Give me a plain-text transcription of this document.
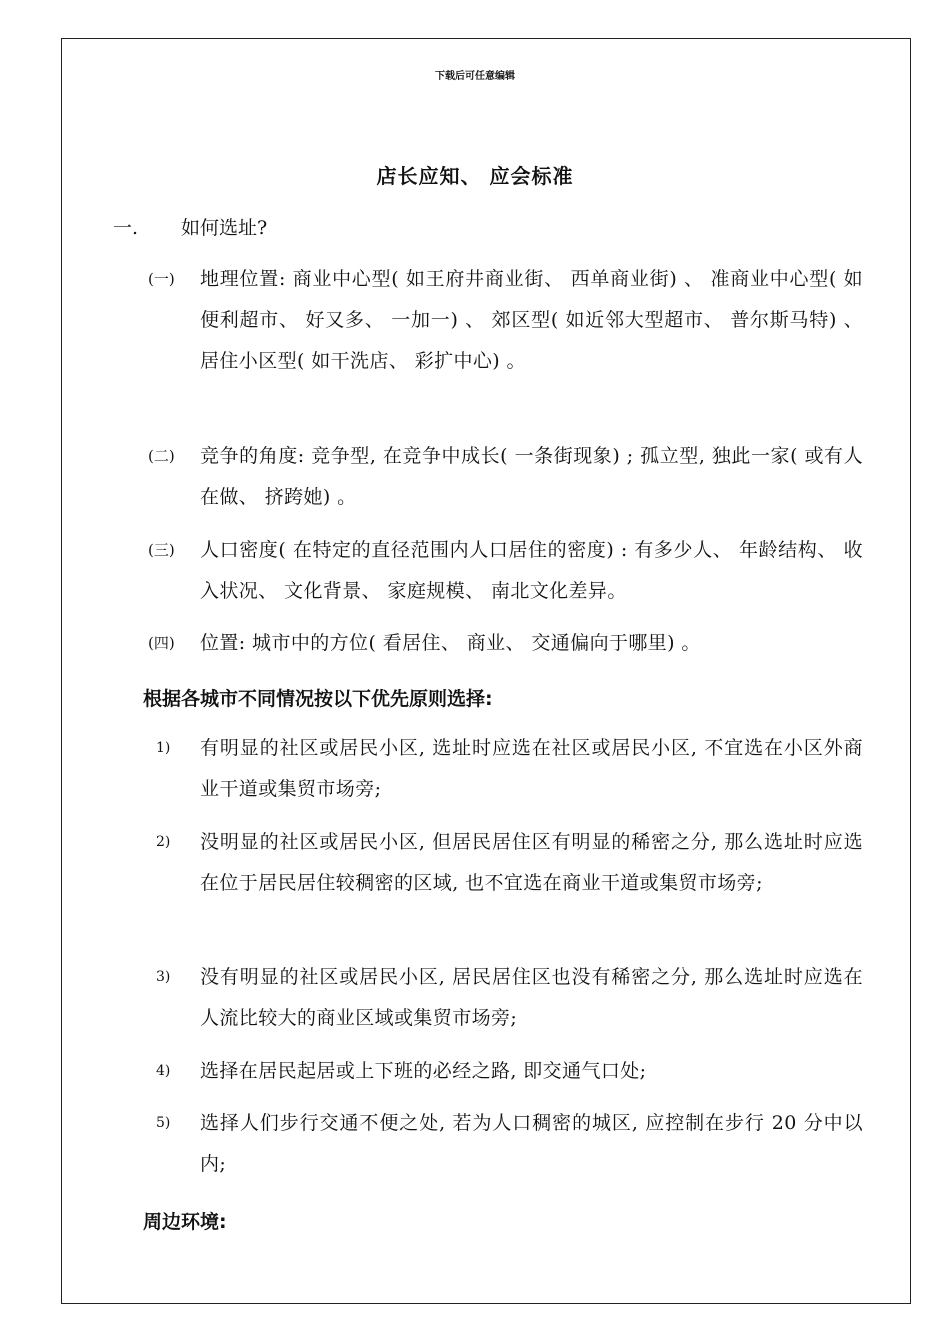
下载后可任意编辑
店长应知、 应会标准
一. 如何选址?
(一) 地理位置: 商业中心型( 如王府井商业街、 西单商业街) 、 准商业中心型( 如便利超市、 好又多、 一加一) 、 郊区型( 如近邻大型超市、 普尔斯马特) 、 居住小区型( 如干洗店、 彩扩中心) 。
(二) 竞争的角度: 竞争型, 在竞争中成长( 一条街现象) ; 孤立型, 独此一家( 或有人在做、 挤跨她) 。
(三) 人口密度( 在特定的直径范围内人口居住的密度) : 有多少人、 年龄结构、 收入状况、 文化背景、 家庭规模、 南北文化差异。
(四) 位置: 城市中的方位( 看居住、 商业、 交通偏向于哪里) 。
根据各城市不同情况按以下优先原则选择:
1) 有明显的社区或居民小区, 选址时应选在社区或居民小区, 不宜选在小区外商业干道或集贸市场旁;
2) 没明显的社区或居民小区, 但居民居住区有明显的稀密之分, 那么选址时应选在位于居民居住较稠密的区域, 也不宜选在商业干道或集贸市场旁;
3) 没有明显的社区或居民小区, 居民居住区也没有稀密之分, 那么选址时应选在人流比较大的商业区域或集贸市场旁;
4) 选择在居民起居或上下班的必经之路, 即交通气口处;
5) 选择人们步行交通不便之处, 若为人口稠密的城区, 应控制在步行 20 分中以内;
周边环境:
